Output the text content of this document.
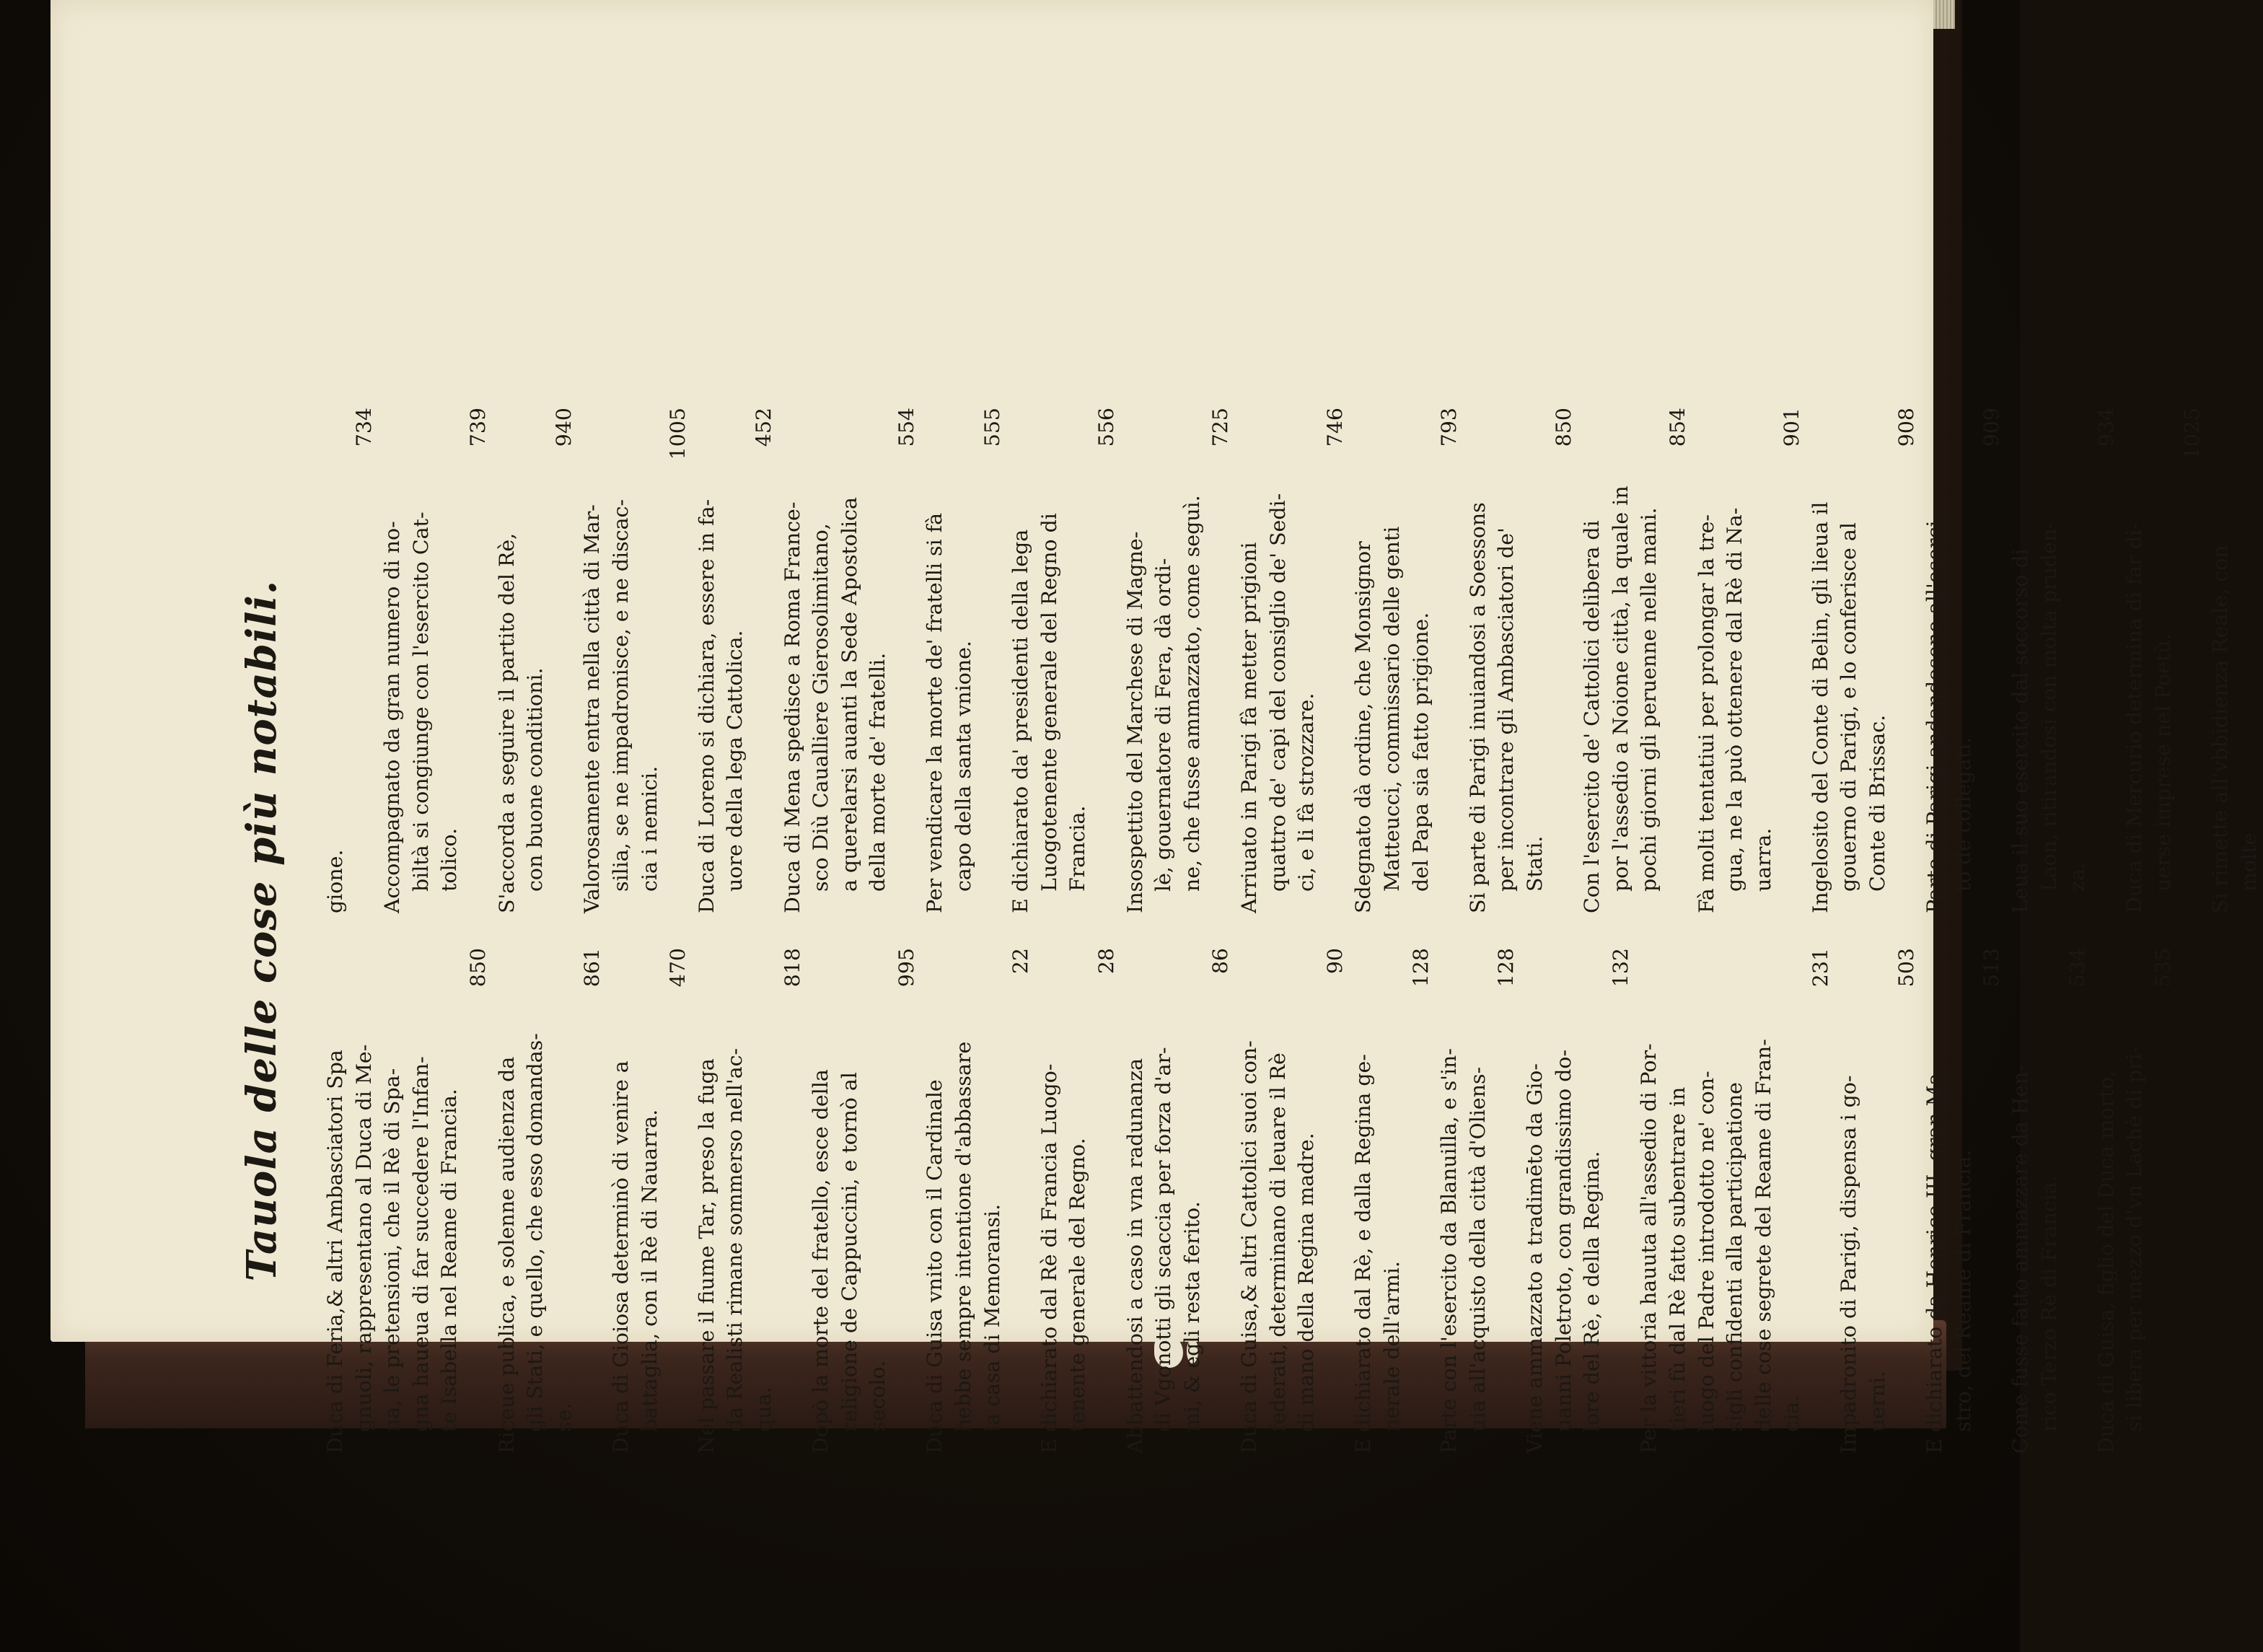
Tauola delle cose più notabili. Duca di Feria,& altri Ambasciatori Spa gnuoli, rappresentano al Duca di Me- na, le pretensioni, che il Rè di Spa- gna haueua di far succedere l'Infan- te Isabella nel Reame di Francia.
850

Riceue publica, e solenne audienza da gli Stati, e quello, che esso domandas- se.
861

Duca di Gioiosa determinò di venire a battaglia, con il Rè di Nauarra.
470

Nel passare il fiume Tar, preso la fuga da Realisti rimane sommerso nell'ac- qua.
818

Dopò la morte del fratello, esce della religione de Cappuccini, e tornò al secolo.
995

Duca di Guisa vnito con il Cardinale hebbe sempre intentione d'abbassare la casa di Memoransi.
22

E dichiarato dal Rè di Francia Luogo- tenente generale del Regno.
28

Abbattendosi a caso in vna radunanza di Vgonotti gli scaccia per forza d'ar- mi, & egli resta ferito.
86

Duca di Guisa,& altri Cattolici suoi con- federati, determinano di leuare il Rè di mano della Regina madre.
90

E dichiarato dal Rè, e dalla Regina ge- nerale dell'armi.
128

Parte con l'esercito da Blanuilla, e s'in- uia all'acquisto della città d'Oliens-
128

Viene ammazzato a tradimēto da Gio- uanni Poletroto, con grandissimo do- lore del Rè, e della Regina.
132

Per la vittoria hauuta all'assedio di Por- tieri fù dal Rè fatto subentrare in luogo del Padre introdotto ne' con- sigli confidenti alla participatione delle cose segrete del Reame di Fran- cia.
231

Impadronito di Parigi, dispensa i go- uerni.
503

E dichiarato da Henrico III. gran Ma- stro, del Reame di Francia.
513

Come fusse fatto ammazzare da Hen- rico Terzo Rè di Francia.
534

Duca di Guisa, figlio del Duca morto, si libera per mezzo d'vn Lachè di pri-
535

gione.
734

Accompagnato da gran numero di no- biltà si congiunge con l'esercito Cat- tolico.
739

S'accorda a seguire il partito del Rè, con buone conditioni.
940

Valorosamente entra nella città di Mar- silia, se ne impadronisce, e ne discac- cia i nemici.
1005

Duca di Loreno si dichiara, essere in fa- uore della lega Cattolica.
452

Duca di Mena spedisce a Roma France- sco Diù Caualliere Gierosolimitano, a querelarsi auanti la Sede Apostolica della morte de' fratelli.
554

Per vendicare la morte de' fratelli si fà capo della santa vnione.
555

E dichiarato da' presidenti della lega Luogotenente generale del Regno di Francia.
556

Insospettito del Marchese di Magne- lè, gouernatore di Fera, dà ordi- ne, che fusse ammazzato, come seguì.
725

Arriuato in Parigi fà metter prigioni quattro de' capi del consiglio de' Sedi- ci, e li fà strozzare.
746

Sdegnato dà ordine, che Monsignor Matteucci, commissario delle genti del Papa sia fatto prigione.
793

Si parte di Parigi inuiandosi a Soessons per incontrare gli Ambasciatori de' Stati.
850

Con l'esercito de' Cattolici delibera di por l'assedio a Noione città, la quale in pochi giorni gli peruenne nelle mani.
854

Fà molti tentatiui per prolongar la tre- gua, ne la può ottenere dal Rè di Na- uarra.
901

Ingelosito del Conte di Belin, gli lieua il gouerno di Parigi, e lo conferisce al Conte di Brissac.
908

Parte di Parigi andandosene all'eserci- to de collegati.
909

Leua il suo esercito dal soccorso di Laon, ritirandosi con molta pruden- za.
934

Duca di Mercurio determina di far di- uerse imprese nel Poetù.
1025

Si rimette all'vbbidienza Reale, con molte
